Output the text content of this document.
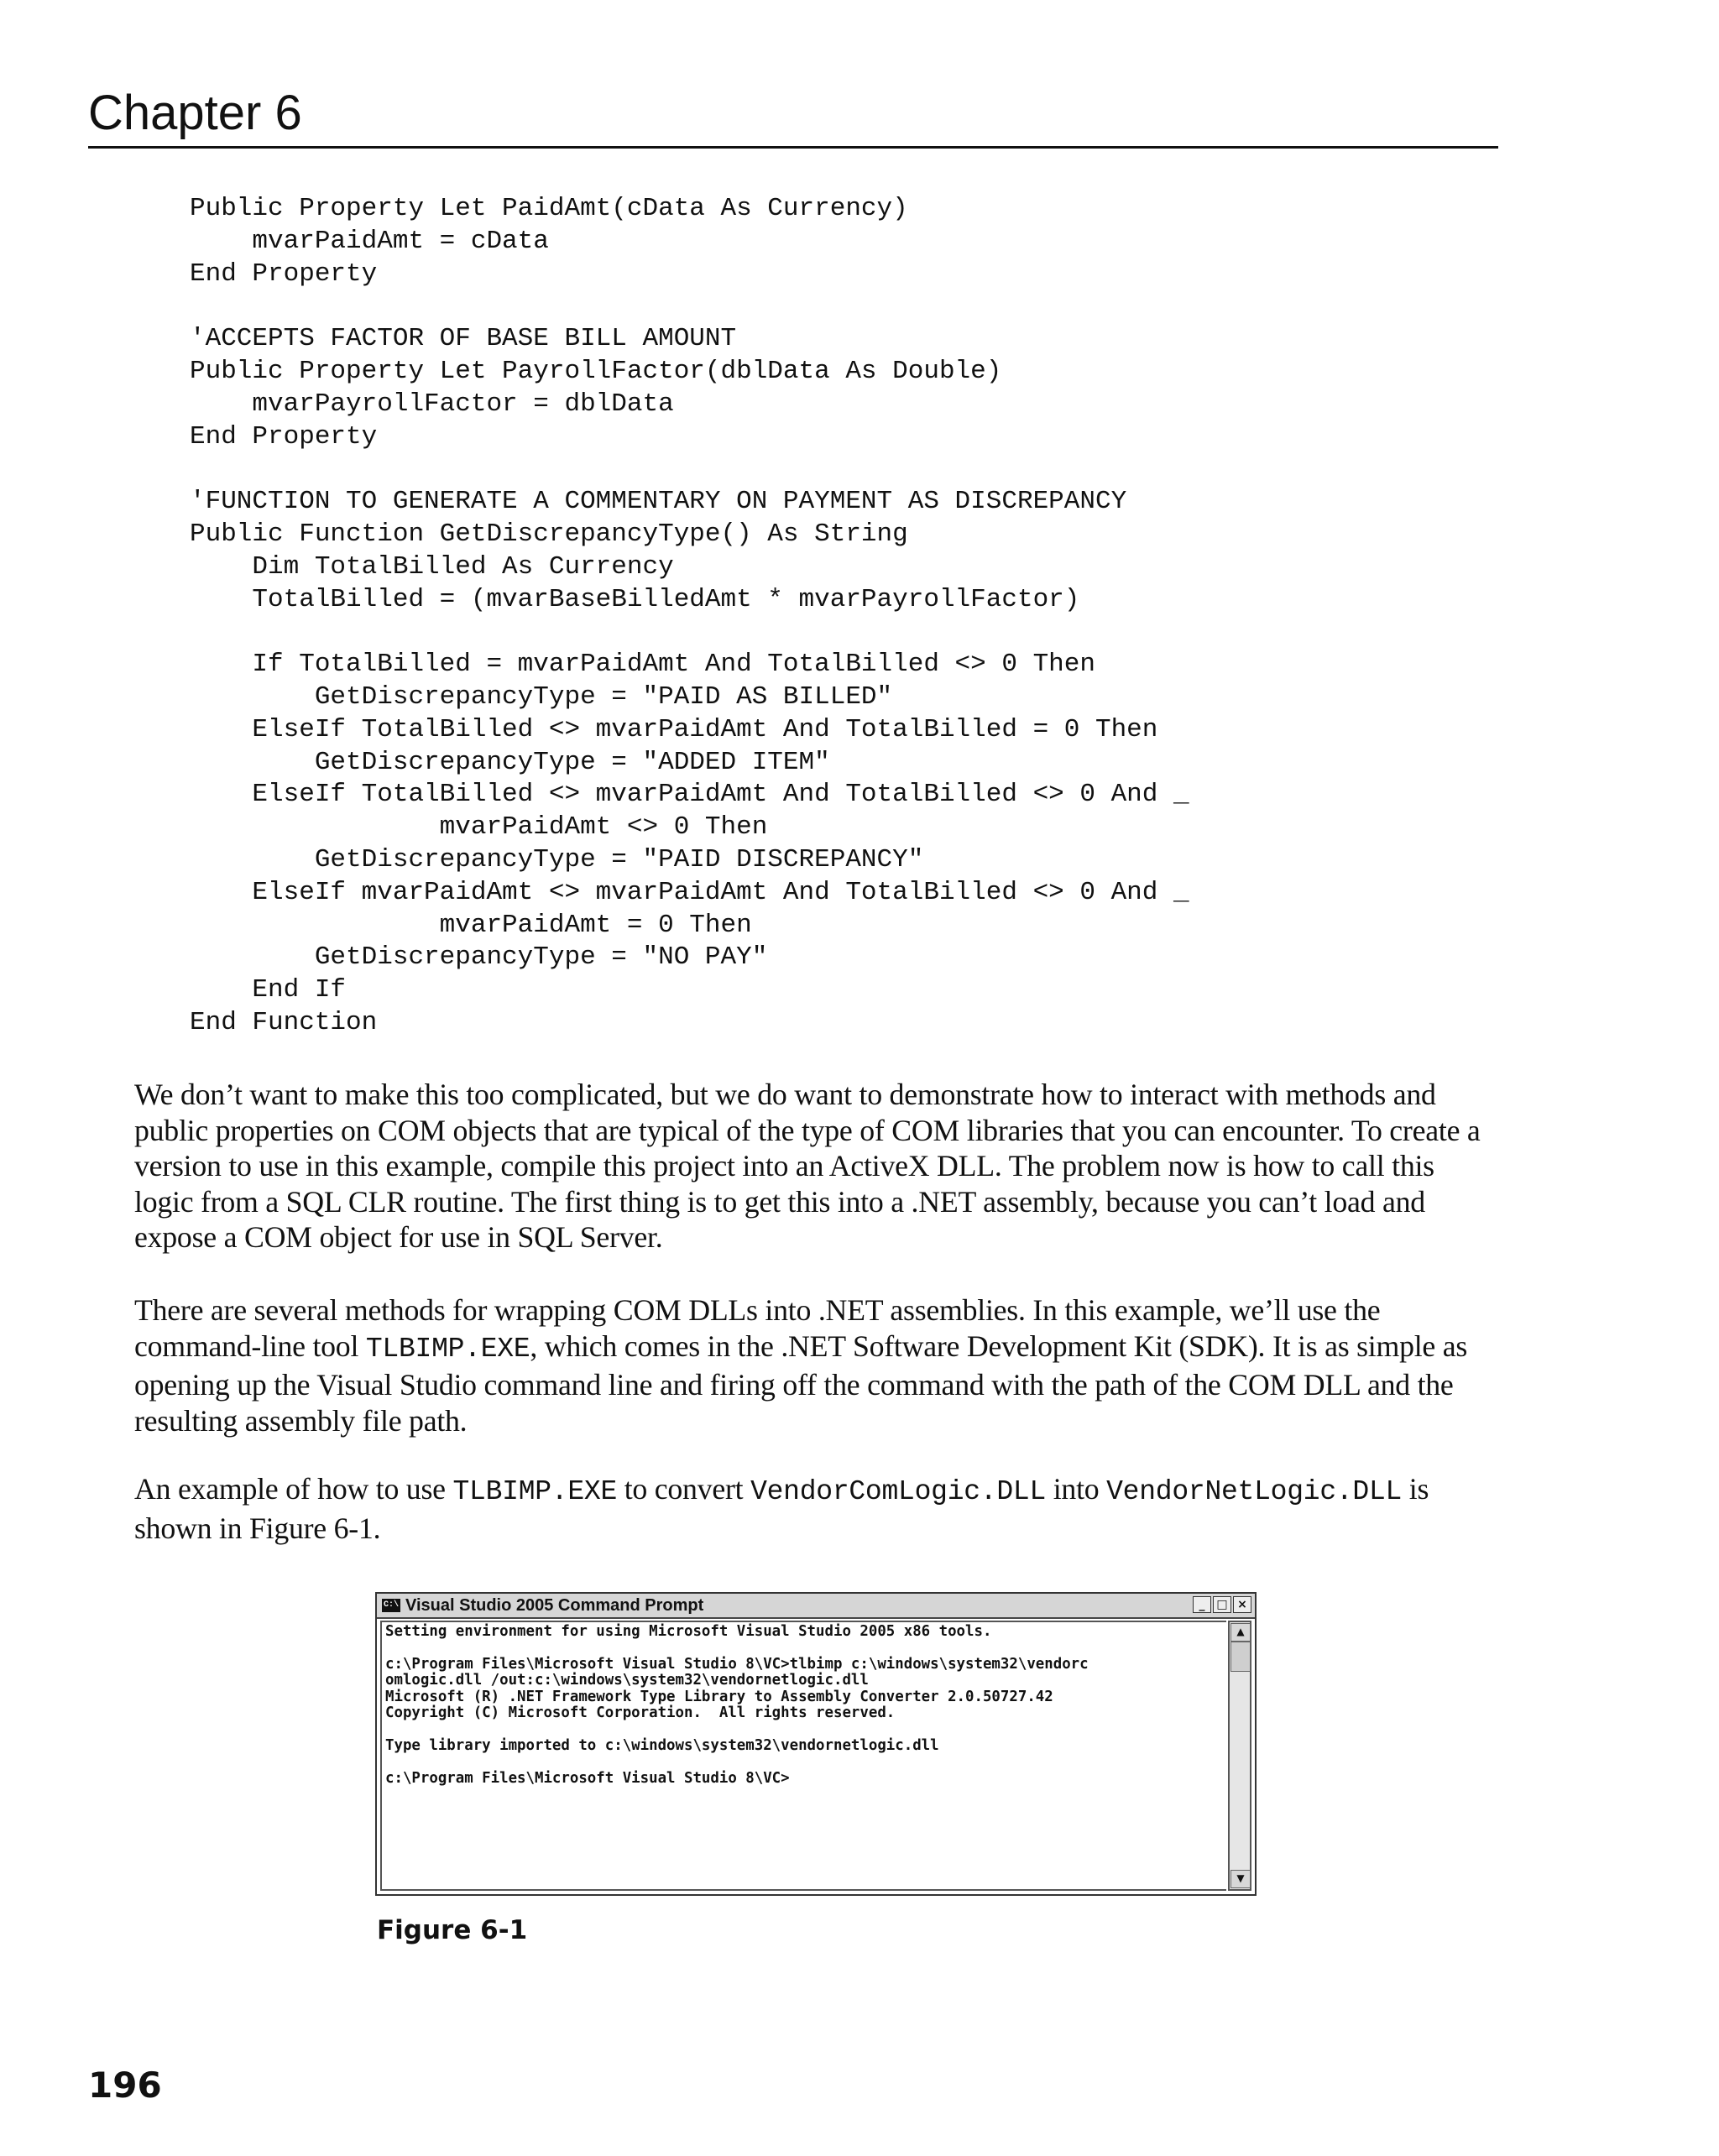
Chapter 6
Public Property Let PaidAmt(cData As Currency)
mvarPaidAmt = cData
End Property
'ACCEPTS FACTOR OF BASE BILL AMOUNT
Public Property Let PayrollFactor(dblData As Double)
mvarPayrollFactor = dblData
End Property
'FUNCTION TO GENERATE A COMMENTARY ON PAYMENT AS DISCREPANCY
Public Function GetDiscrepancyType() As String
Dim TotalBilled As Currency
TotalBilled = (mvarBaseBilledAmt * mvarPayrollFactor)
If TotalBilled = mvarPaidAmt And TotalBilled <> 0 Then
GetDiscrepancyType = "PAID AS BILLED"
ElseIf TotalBilled <> mvarPaidAmt And TotalBilled = 0 Then
GetDiscrepancyType = "ADDED ITEM"
ElseIf TotalBilled <> mvarPaidAmt And TotalBilled <> 0 And _
mvarPaidAmt <> 0 Then
GetDiscrepancyType = "PAID DISCREPANCY"
ElseIf mvarPaidAmt <> mvarPaidAmt And TotalBilled <> 0 And _
mvarPaidAmt = 0 Then
GetDiscrepancyType = "NO PAY"
End If
End Function

We don’t want to make this too complicated, but we do want to demonstrate how to interact with methods and public properties on COM objects that are typical of the type of COM libraries that you can encounter. To create a version to use in this example, compile this project into an ActiveX DLL. The problem now is how to call this logic from a SQL CLR routine. The first thing is to get this into a .NET assembly, because you can’t load and expose a COM object for use in SQL Server.

There are several methods for wrapping COM DLLs into .NET assemblies. In this example, we’ll use the command-line tool TLBIMP.EXE, which comes in the .NET Software Development Kit (SDK). It is as simple as opening up the Visual Studio command line and firing off the command with the path of the COM DLL and the resulting assembly file path.

An example of how to use TLBIMP.EXE to convert VendorComLogic.DLL into VendorNetLogic.DLL is shown in Figure 6-1.

C:\ Visual Studio 2005 Command Prompt	_ □ ×
Setting environment for using Microsoft Visual Studio 2005 x86 tools.
c:\Program Files\Microsoft Visual Studio 8\VC>tlbimp c:\windows\system32\vendorc
omlogic.dll /out:c:\windows\system32\vendornetlogic.dll
Microsoft (R) .NET Framework Type Library to Assembly Converter 2.0.50727.42
Copyright (C) Microsoft Corporation.  All rights reserved.
Type library imported to c:\windows\system32\vendornetlogic.dll
c:\Program Files\Microsoft Visual Studio 8\VC>
▲
▼
Figure 6-1
196
